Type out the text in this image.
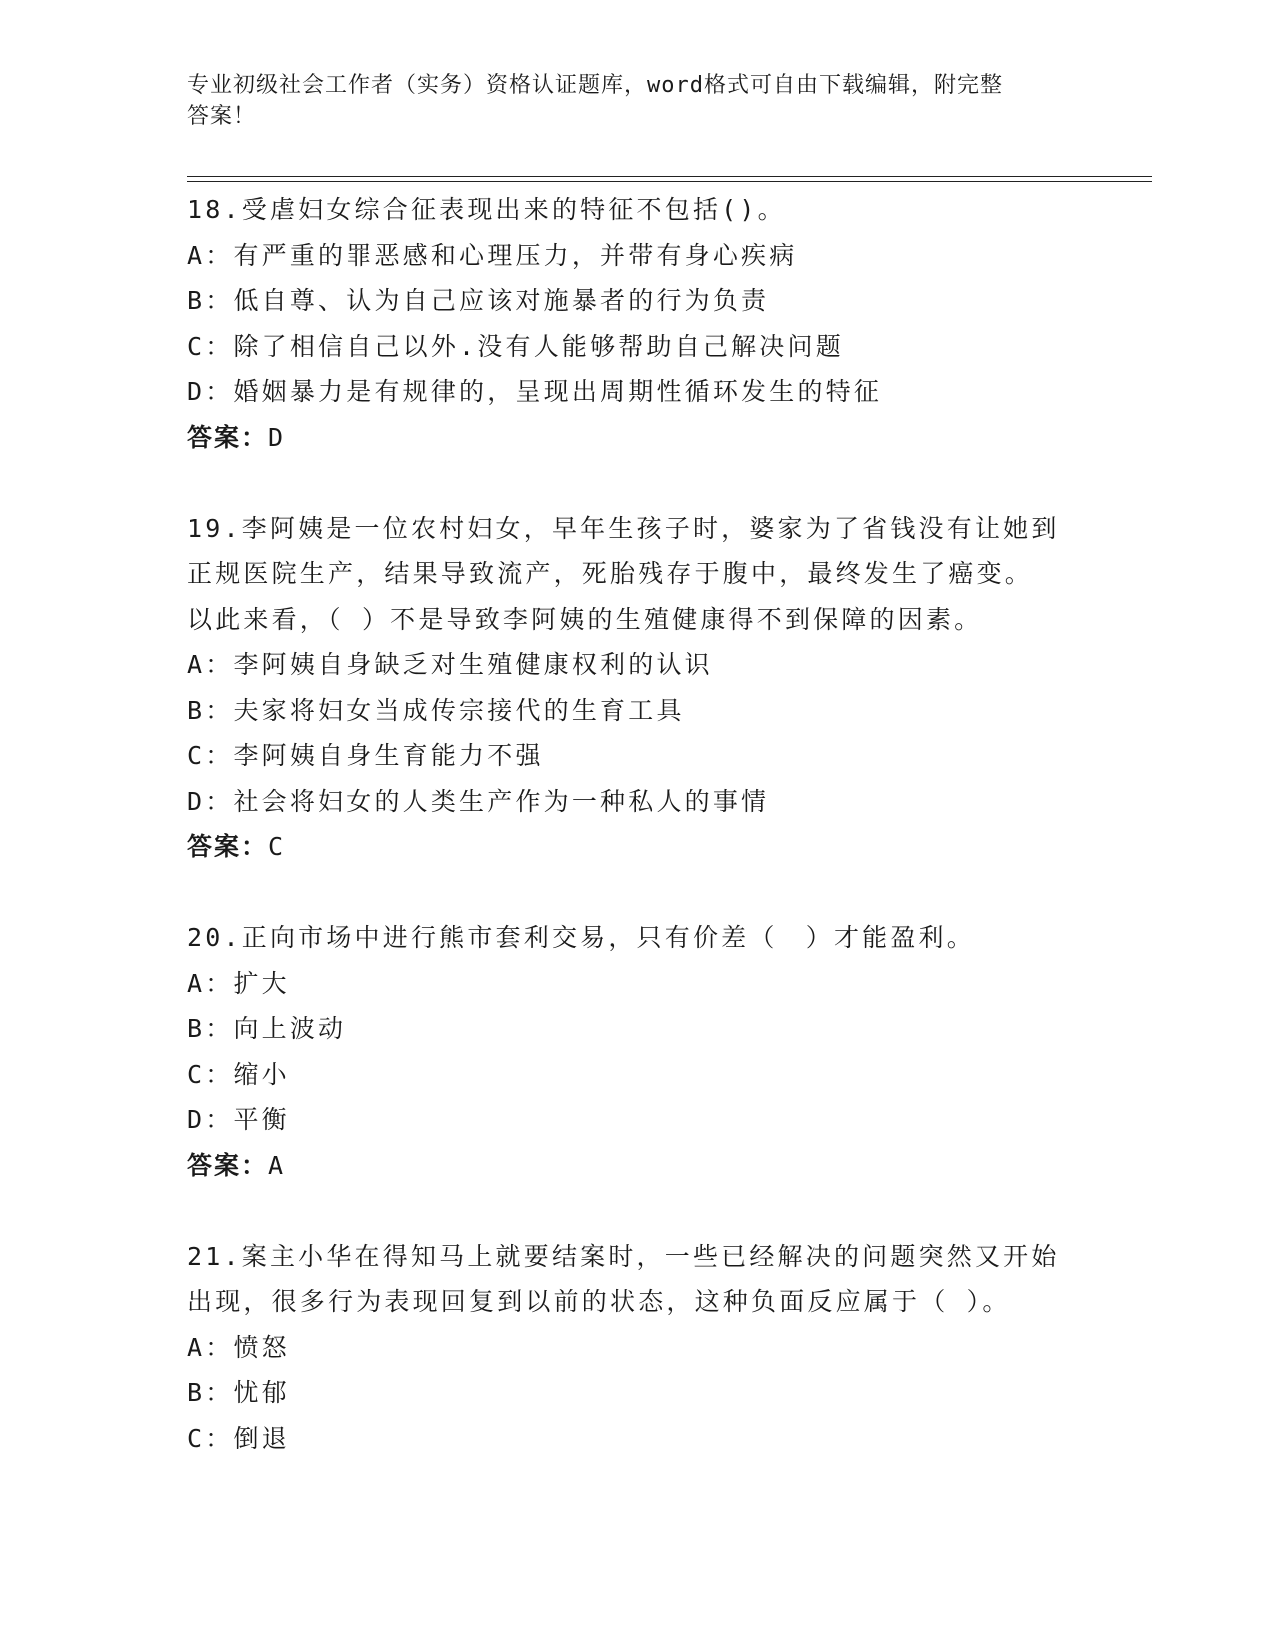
专业初级社会工作者（实务）资格认证题库，word格式可自由下载编辑，附完整
答案！

18.受虐妇女综合征表现出来的特征不包括()。

A：有严重的罪恶感和心理压力，并带有身心疾病

B：低自尊、认为自己应该对施暴者的行为负责

C：除了相信自己以外.没有人能够帮助自己解决问题

D：婚姻暴力是有规律的，呈现出周期性循环发生的特征

答案：D

19.李阿姨是一位农村妇女，早年生孩子时，婆家为了省钱没有让她到

正规医院生产，结果导致流产，死胎残存于腹中，最终发生了癌变。

以此来看，（ ）不是导致李阿姨的生殖健康得不到保障的因素。

A：李阿姨自身缺乏对生殖健康权利的认识

B：夫家将妇女当成传宗接代的生育工具

C：李阿姨自身生育能力不强

D：社会将妇女的人类生产作为一种私人的事情

答案：C

20.正向市场中进行熊市套利交易，只有价差（　）才能盈利。

A：扩大

B：向上波动

C：缩小

D：平衡

答案：A

21.案主小华在得知马上就要结案时，一些已经解决的问题突然又开始

出现，很多行为表现回复到以前的状态，这种负面反应属于（ ）。

A：愤怒

B：忧郁

C：倒退
